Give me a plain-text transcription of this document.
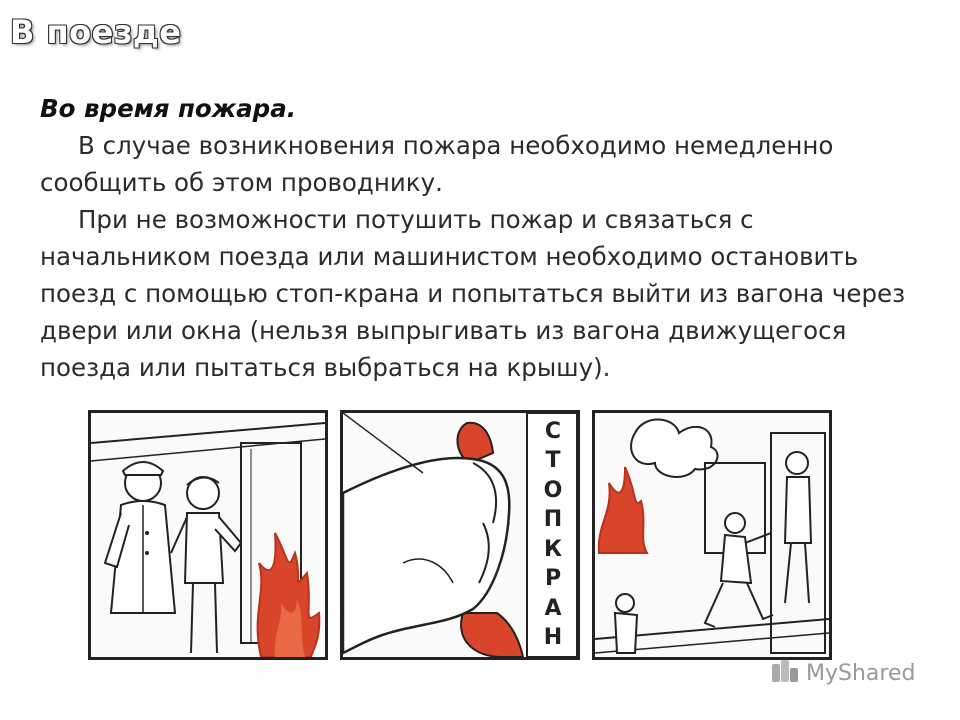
В поезде
Во время пожара.
В случае возникновения пожара необходимо немедленно
сообщить об этом проводнику.
При не возможности потушить пожар и связаться с
начальником поезда или машинистом необходимо остановить
поезд с помощью стоп-крана и попытаться выйти из вагона через
двери или окна (нельзя выпрыгивать из вагона движущегося
поезда или пытаться выбраться на крышу).
С
Т
О
П
К
Р
А
Н
MyShared
